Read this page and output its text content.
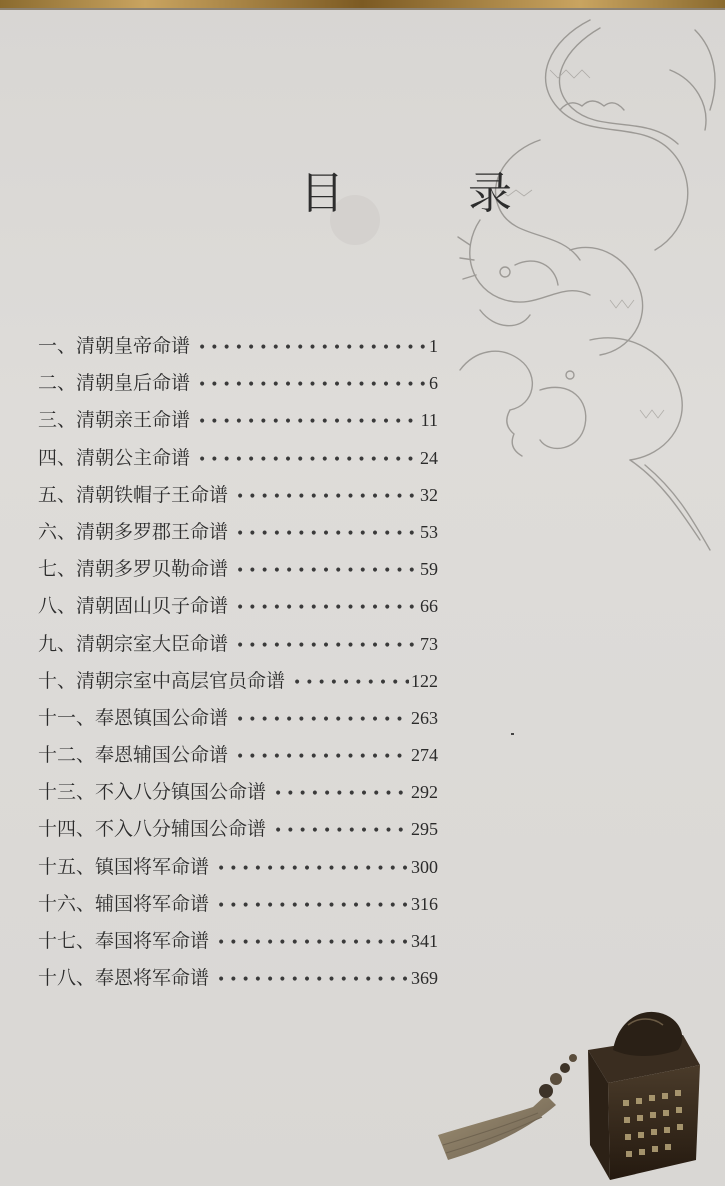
目　录
一、清朝皇帝命谱 •••••	1
二、清朝皇后命谱 •••••	6
三、清朝亲王命谱 •••••	11
四、清朝公主命谱 •••••	24
五、清朝铁帽子王命谱 •••••	32
六、清朝多罗郡王命谱 •••••	53
七、清朝多罗贝勒命谱 •••••	59
八、清朝固山贝子命谱 •••••	66
九、清朝宗室大臣命谱 •••••	73
十、清朝宗室中高层官员命谱 •••••	122
十一、奉恩镇国公命谱 •••••	263
十二、奉恩辅国公命谱 •••••	274
十三、不入八分镇国公命谱 •••••	292
十四、不入八分辅国公命谱 •••••	295
十五、镇国将军命谱 •••••	300
十六、辅国将军命谱 •••••	316
十七、奉国将军命谱 •••••	341
十八、奉恩将军命谱 •••••	369
